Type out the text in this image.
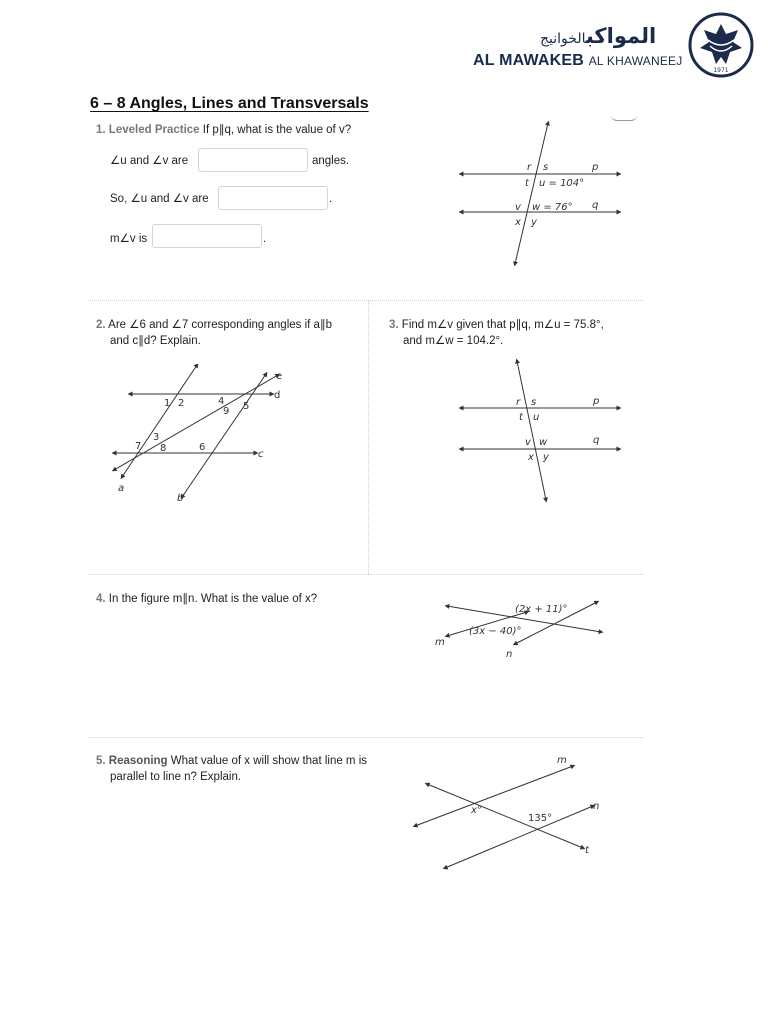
المواكبالخوانيج
AL MAWAKEB AL KHAWANEEJ
1971
6 – 8 Angles, Lines and Transversals
1. Leveled Practice If p∥q, what is the value of v?
∠u and ∠v are	angles.
So, ∠u and ∠v are	.
m∠v is	.
r s
t u = 104°
p
v w = 76°
x y
q
2. Are ∠6 and ∠7 corresponding angles if a∥b
and c∥d? Explain.
e
d
1 2	4 5
9
3
7 8	6
c
a
b
3. Find m∠v given that p∥q, m∠u = 75.8°,
and m∠w = 104.2°.
r s
t u
p
v w
x y
q
4. In the figure m∥n. What is the value of x?
(2x + 11)°
(3x − 40)°
m
n
5. Reasoning What value of x will show that line m is
parallel to line n? Explain.
m
n
x°
135°
t
